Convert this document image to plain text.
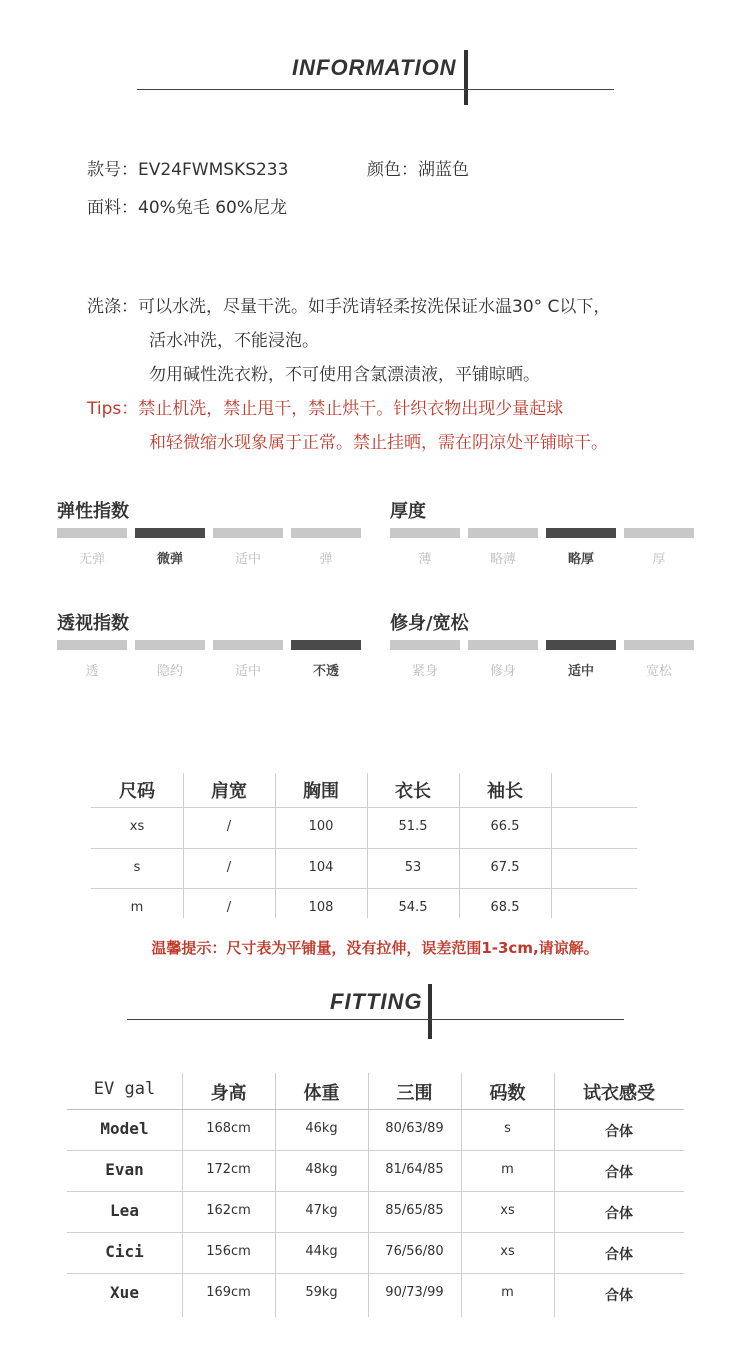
INFORMATION
款号：EV24FWMSKS233	颜色：湖蓝色
面料：40%兔毛 60%尼龙
洗涤：可以水洗，尽量干洗。如手洗请轻柔按洗保证水温30° C以下，
活水冲洗，不能浸泡。
勿用碱性洗衣粉，不可使用含氯漂渍液，平铺晾晒。
Tips：禁止机洗，禁止甩干，禁止烘干。针织衣物出现少量起球
和轻微缩水现象属于正常。禁止挂晒，需在阴凉处平铺晾干。
弹性指数
无弹	微弹	适中	弹
厚度
薄	略薄	略厚	厚
透视指数
透	隐约	适中	不透
修身/宽松
紧身	修身	适中	宽松
尺码	肩宽	胸围	衣长	袖长
xs	/	100	51.5	66.5
s	/	104	53	67.5
m	/	108	54.5	68.5
温馨提示：尺寸表为平铺量，没有拉伸，误差范围1-3cm,请谅解。
FITTING
EV gal	身高	体重	三围	码数	试衣感受
Model	168cm	46kg	80/63/89	s	合体
Evan	172cm	48kg	81/64/85	m	合体
Lea	162cm	47kg	85/65/85	xs	合体
Cici	156cm	44kg	76/56/80	xs	合体
Xue	169cm	59kg	90/73/99	m	合体
